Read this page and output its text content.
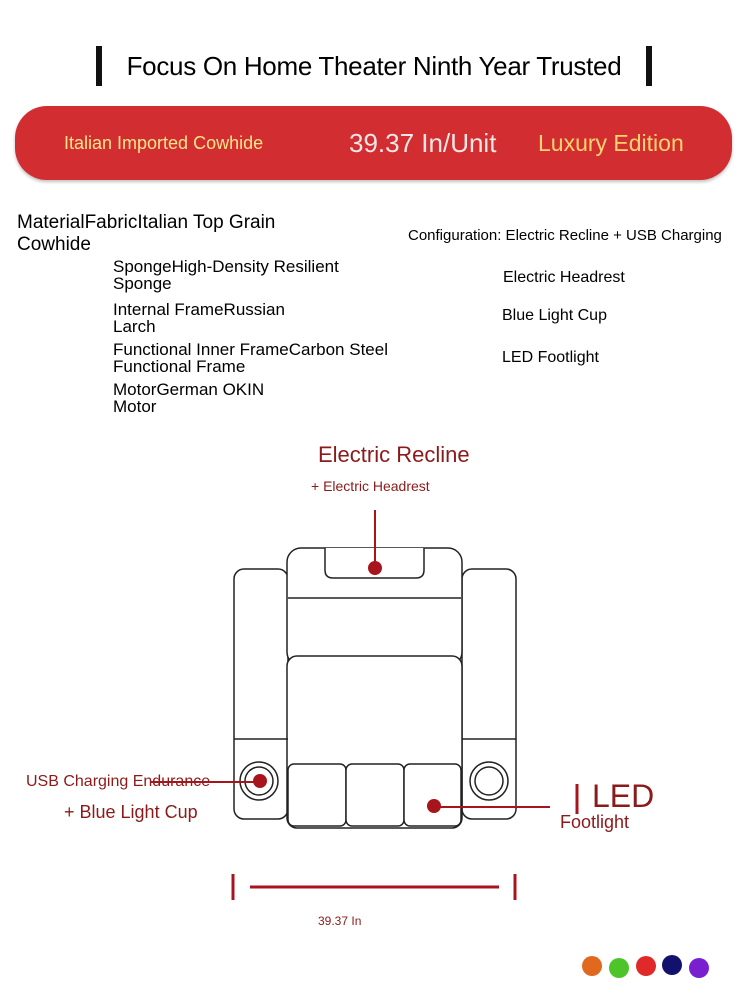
Focus On Home Theater Ninth Year Trusted
Italian Imported Cowhide	39.37 In/Unit Luxury Edition
MaterialFabricItalian Top Grain Cowhide
SpongeHigh-Density Resilient Sponge
Internal FrameRussian Larch
Functional Inner FrameCarbon Steel Functional Frame
MotorGerman OKIN Motor
Configuration: Electric Recline + USB Charging
Electric Headrest
Blue Light Cup
LED Footlight
Electric Recline
+ Electric Headrest
USB Charging Endurance
+ Blue Light Cup	LED
Footlight
39.37 In
